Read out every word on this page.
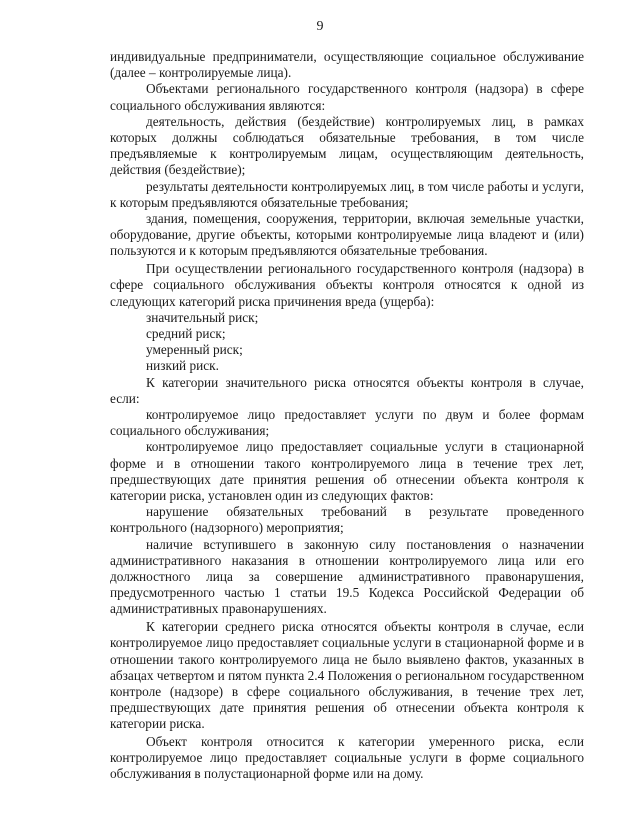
9

индивидуальные предприниматели, осуществляющие социальное обслуживание (далее – контролируемые лица).

Объектами регионального государственного контроля (надзора) в сфере социального обслуживания являются:

деятельность, действия (бездействие) контролируемых лиц, в рамках которых должны соблюдаться обязательные требования, в том числе предъявляемые к контролируемым лицам, осуществляющим деятельность, действия (бездействие);

результаты деятельности контролируемых лиц, в том числе работы и услуги, к которым предъявляются обязательные требования;

здания, помещения, сооружения, территории, включая земельные участки, оборудование, другие объекты, которыми контролируемые лица владеют и (или) пользуются и к которым предъявляются обязательные требования.

При осуществлении регионального государственного контроля (надзора) в сфере социального обслуживания объекты контроля относятся к одной из следующих категорий риска причинения вреда (ущерба):

значительный риск;

средний риск;

умеренный риск;

низкий риск.

К категории значительного риска относятся объекты контроля в случае, если:

контролируемое лицо предоставляет услуги по двум и более формам социального обслуживания;

контролируемое лицо предоставляет социальные услуги в стационарной форме и в отношении такого контролируемого лица в течение трех лет, предшествующих дате принятия решения об отнесении объекта контроля к категории риска, установлен один из следующих фактов:

нарушение обязательных требований в результате проведенного контрольного (надзорного) мероприятия;

наличие вступившего в законную силу постановления о назначении административного наказания в отношении контролируемого лица или его должностного лица за совершение административного правонарушения, предусмотренного частью 1 статьи 19.5 Кодекса Российской Федерации об административных правонарушениях.

К категории среднего риска относятся объекты контроля в случае, если контролируемое лицо предоставляет социальные услуги в стационарной форме и в отношении такого контролируемого лица не было выявлено фактов, указанных в абзацах четвертом и пятом пункта 2.4 Положения о региональном государственном контроле (надзоре) в сфере социального обслуживания, в течение трех лет, предшествующих дате принятия решения об отнесении объекта контроля к категории риска.

Объект контроля относится к категории умеренного риска, если контролируемое лицо предоставляет социальные услуги в форме социального обслуживания в полустационарной форме или на дому.
